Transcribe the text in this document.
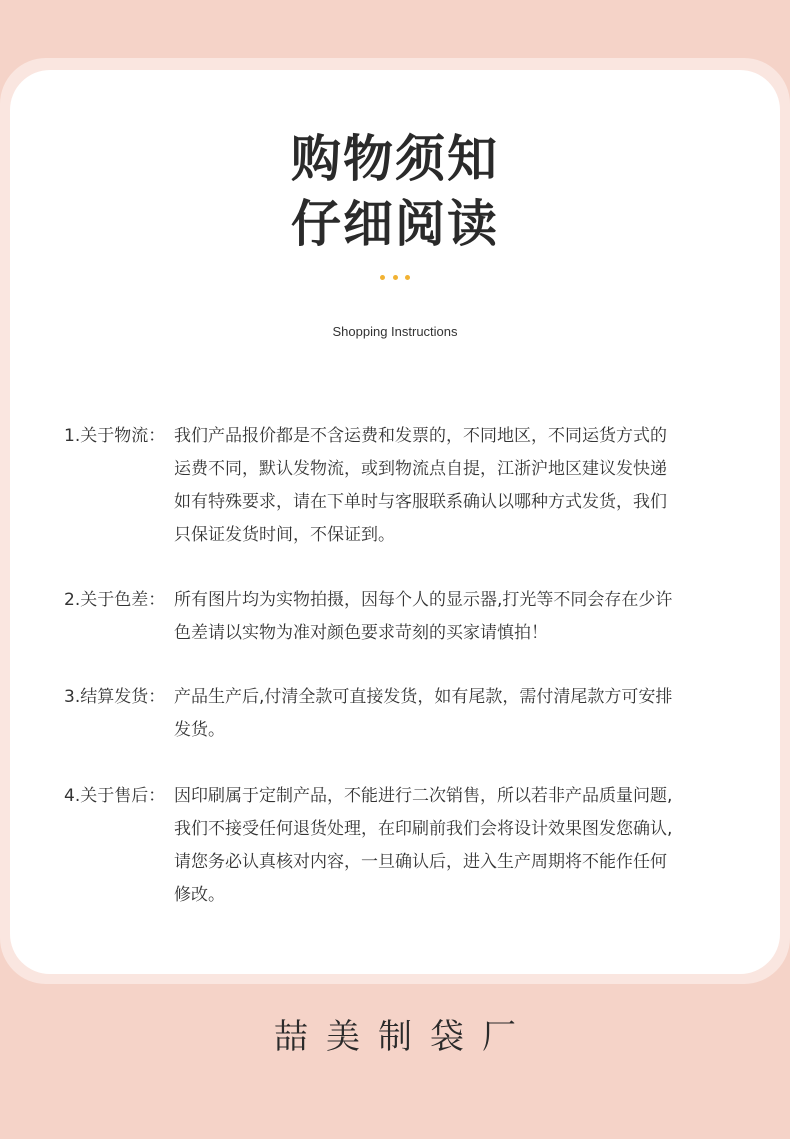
购物须知
仔细阅读
Shopping Instructions
1.关于物流： 我们产品报价都是不含运费和发票的，不同地区，不同运货方式的
运费不同，默认发物流，或到物流点自提，江浙沪地区建议发快递
如有特殊要求，请在下单时与客服联系确认以哪种方式发货，我们
只保证发货时间，不保证到。
2.关于色差： 所有图片均为实物拍摄，因每个人的显示器,打光等不同会存在少许
色差请以实物为准对颜色要求苛刻的买家请慎拍！
3.结算发货： 产品生产后,付清全款可直接发货，如有尾款，需付清尾款方可安排
发货。
4.关于售后： 因印刷属于定制产品，不能进行二次销售，所以若非产品质量问题,
我们不接受任何退货处理，在印刷前我们会将设计效果图发您确认,
请您务必认真核对内容，一旦确认后，进入生产周期将不能作任何
修改。
喆美制袋厂
